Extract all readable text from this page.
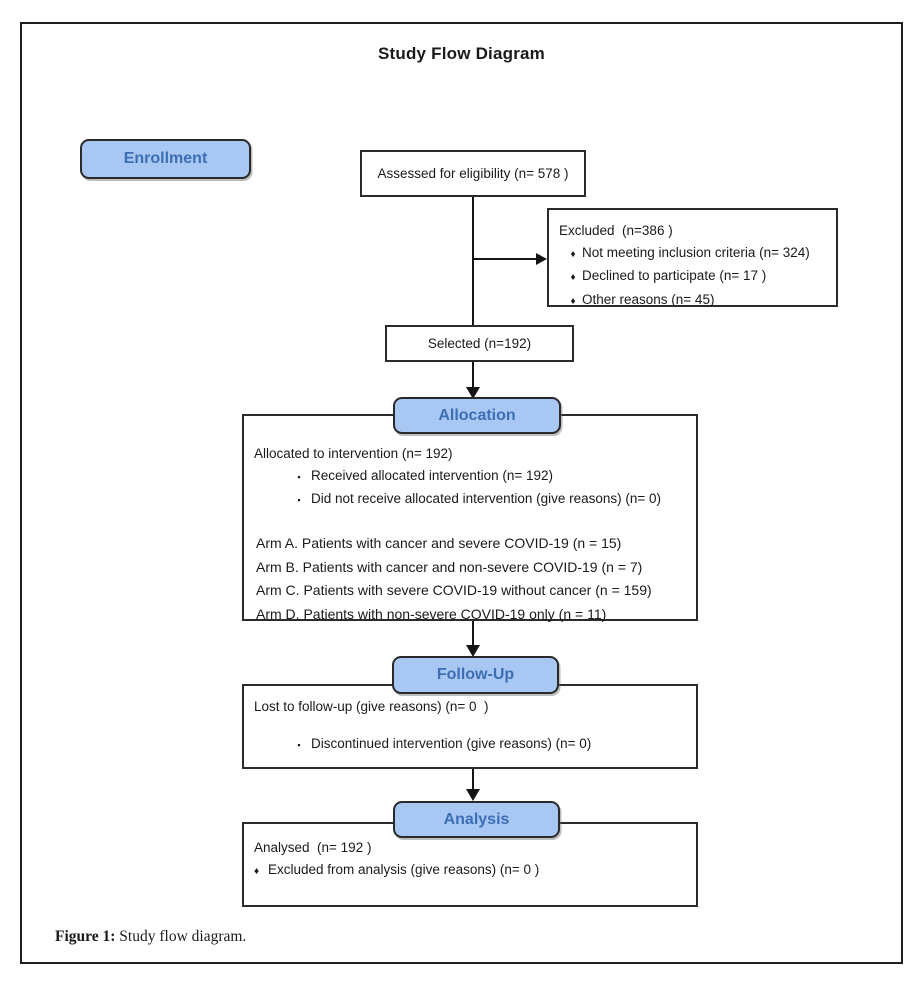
Study Flow Diagram
Enrollment
Assessed for eligibility (n= 578 )
Excluded  (n=386 )
♦ Not meeting inclusion criteria (n= 324)
♦ Declined to participate (n= 17 )
♦ Other reasons (n= 45)
Selected (n=192)
Allocation
Allocated to intervention (n= 192)
▪ Received allocated intervention (n= 192)
▪ Did not receive allocated intervention (give reasons) (n= 0)
Arm A. Patients with cancer and severe COVID-19 (n = 15)
Arm B. Patients with cancer and non-severe COVID-19 (n = 7)
Arm C. Patients with severe COVID-19 without cancer (n = 159)
Arm D. Patients with non-severe COVID-19 only (n = 11)
Follow-Up
Lost to follow-up (give reasons) (n= 0  )
▪ Discontinued intervention (give reasons) (n= 0)
Analysis
Analysed  (n= 192 )
♦ Excluded from analysis (give reasons) (n= 0 )
Figure 1: Study flow diagram.
